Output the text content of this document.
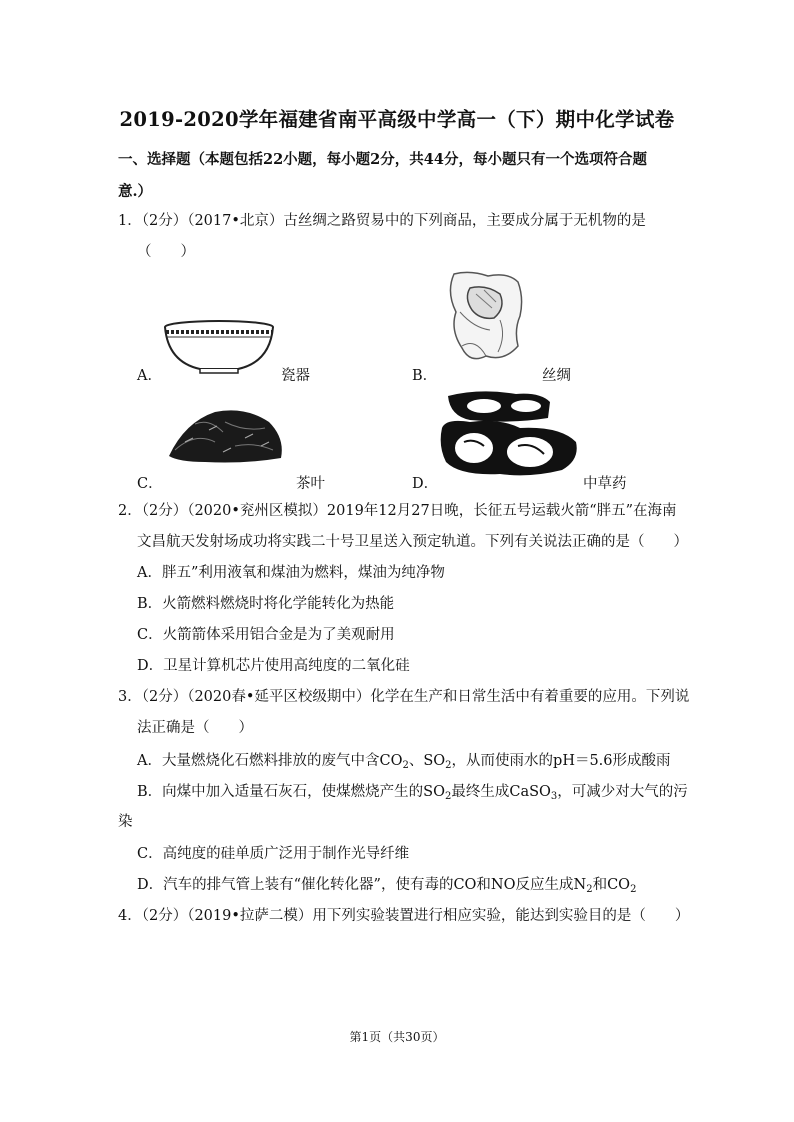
2019-2020学年福建省南平高级中学高一（下）期中化学试卷
一、选择题（本题包括22小题，每小题2分，共44分，每小题只有一个选项符合题
意.）
1．（2分）（2017•北京）古丝绸之路贸易中的下列商品，主要成分属于无机物的是
（　　）
A．	瓷器	B．	丝绸
C．	茶叶	D．	中草药
2．（2分）（2020•兖州区模拟）2019年12月27日晚，长征五号运载火箭“胖五”在海南
文昌航天发射场成功将实践二十号卫星送入预定轨道。下列有关说法正确的是（　　）
A．胖五”利用液氧和煤油为燃料，煤油为纯净物
B．火箭燃料燃烧时将化学能转化为热能
C．火箭箭体采用铝合金是为了美观耐用
D．卫星计算机芯片使用高纯度的二氧化硅
3．（2分）（2020春•延平区校级期中）化学在生产和日常生活中有着重要的应用。下列说
法正确是（　　）
A．大量燃烧化石燃料排放的废气中含$CO_2$、$SO_2$，从而使雨水的pH＝5.6形成酸雨
B．向煤中加入适量石灰石，使煤燃烧产生的$SO_2$最终生成CaSO$_3$，可减少对大气的污
染
C．高纯度的硅单质广泛用于制作光导纤维
D．汽车的排气管上装有“催化转化器”，使有毒的CO和NO反应生成$N_2$和$CO_2$
4．（2分）（2019•拉萨二模）用下列实验装置进行相应实验，能达到实验目的是（　　）
第1页（共30页）
